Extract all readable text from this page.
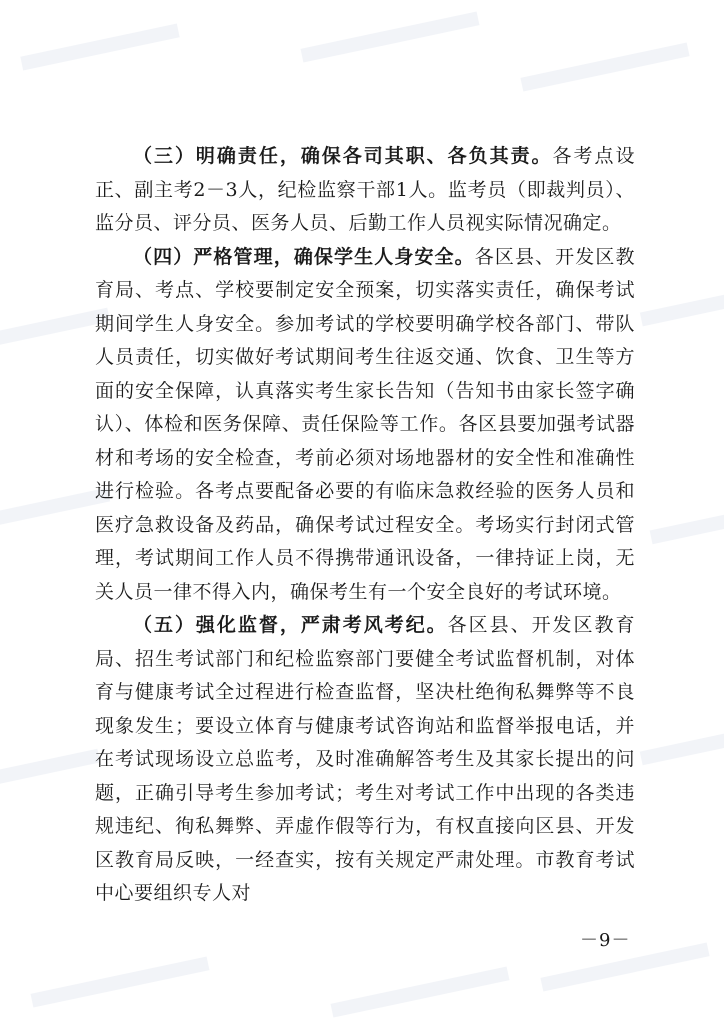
（三）明确责任，确保各司其职、各负其责。各考点设正、副主考2－3人，纪检监察干部1人。监考员（即裁判员）、监分员、评分员、医务人员、后勤工作人员视实际情况确定。

（四）严格管理，确保学生人身安全。各区县、开发区教育局、考点、学校要制定安全预案，切实落实责任，确保考试期间学生人身安全。参加考试的学校要明确学校各部门、带队人员责任，切实做好考试期间考生往返交通、饮食、卫生等方面的安全保障，认真落实考生家长告知（告知书由家长签字确认）、体检和医务保障、责任保险等工作。各区县要加强考试器材和考场的安全检查，考前必须对场地器材的安全性和准确性进行检验。各考点要配备必要的有临床急救经验的医务人员和医疗急救设备及药品，确保考试过程安全。考场实行封闭式管理，考试期间工作人员不得携带通讯设备，一律持证上岗，无关人员一律不得入内，确保考生有一个安全良好的考试环境。

（五）强化监督，严肃考风考纪。各区县、开发区教育局、招生考试部门和纪检监察部门要健全考试监督机制，对体育与健康考试全过程进行检查监督，坚决杜绝徇私舞弊等不良现象发生；要设立体育与健康考试咨询站和监督举报电话，并在考试现场设立总监考，及时准确解答考生及其家长提出的问题，正确引导考生参加考试；考生对考试工作中出现的各类违规违纪、徇私舞弊、弄虚作假等行为，有权直接向区县、开发区教育局反映，一经查实，按有关规定严肃处理。市教育考试中心要组织专人对

－9－
